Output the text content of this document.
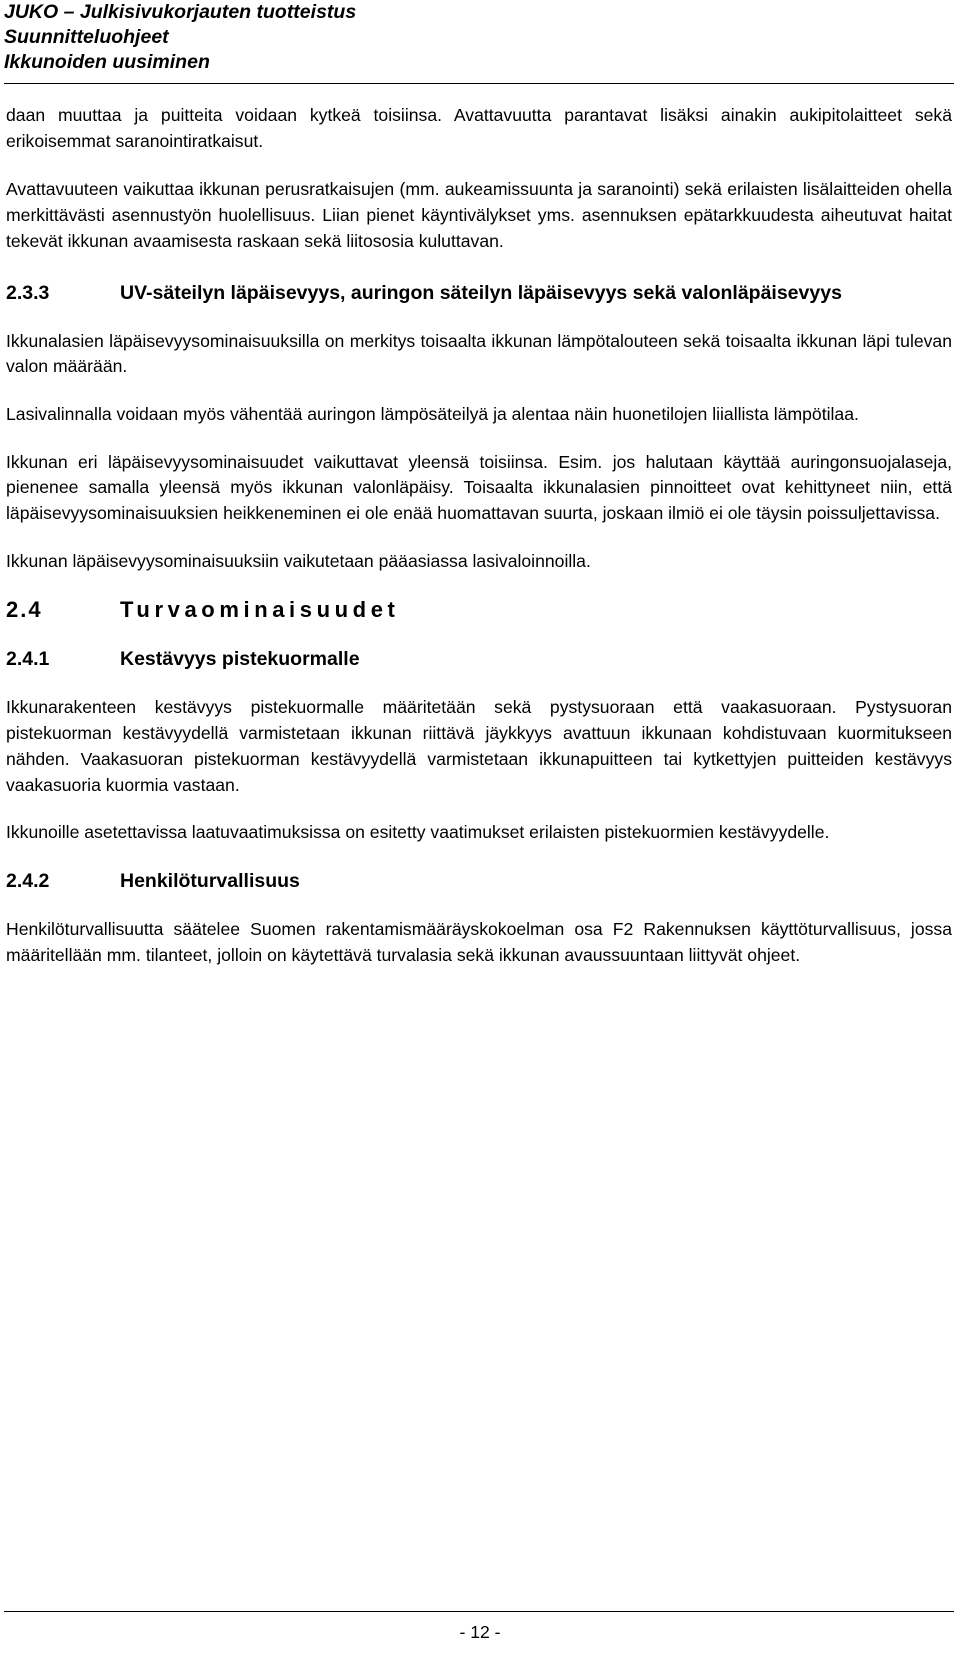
JUKO – Julkisivukorjauten tuotteistus
Suunnitteluohjeet
Ikkunoiden uusiminen

daan muuttaa ja puitteita voidaan kytkeä toisiinsa. Avattavuutta parantavat lisäksi ainakin aukipitolaitteet sekä erikoisemmat saranointiratkaisut.

Avattavuuteen vaikuttaa ikkunan perusratkaisujen (mm. aukeamissuunta ja saranointi) sekä erilaisten lisälaitteiden ohella merkittävästi asennustyön huolellisuus. Liian pienet käyntivälykset yms. asennuksen epätarkkuudesta aiheutuvat haitat tekevät ikkunan avaamisesta raskaan sekä liitososia kuluttavan.

2.3.3	UV-säteilyn läpäisevyys, auringon säteilyn läpäisevyys sekä valonläpäisevyys

Ikkunalasien läpäisevyysominaisuuksilla on merkitys toisaalta ikkunan lämpötalouteen sekä toisaalta ikkunan läpi tulevan valon määrään.

Lasivalinnalla voidaan myös vähentää auringon lämpösäteilyä ja alentaa näin huonetilojen liiallista lämpötilaa.

Ikkunan eri läpäisevyysominaisuudet vaikuttavat yleensä toisiinsa. Esim. jos halutaan käyttää auringonsuojalaseja, pienenee samalla yleensä myös ikkunan valonläpäisy. Toisaalta ikkunalasien pinnoitteet ovat kehittyneet niin, että läpäisevyysominaisuuksien heikkeneminen ei ole enää huomattavan suurta, joskaan ilmiö ei ole täysin poissuljettavissa.

Ikkunan läpäisevyysominaisuuksiin vaikutetaan pääasiassa lasivaloinnoilla.

2.4	Turvaominaisuudet
2.4.1	Kestävyys pistekuormalle

Ikkunarakenteen kestävyys pistekuormalle määritetään sekä pystysuoraan että vaakasuoraan. Pystysuoran pistekuorman kestävyydellä varmistetaan ikkunan riittävä jäykkyys avattuun ikkunaan kohdistuvaan kuormitukseen nähden. Vaakasuoran pistekuorman kestävyydellä varmistetaan ikkunapuitteen tai kytkettyjen puitteiden kestävyys vaakasuoria kuormia vastaan.

Ikkunoille asetettavissa laatuvaatimuksissa on esitetty vaatimukset erilaisten pistekuormien kestävyydelle.

2.4.2	Henkilöturvallisuus

Henkilöturvallisuutta säätelee Suomen rakentamismääräyskokoelman osa F2 Rakennuksen käyttöturvallisuus, jossa määritellään mm. tilanteet, jolloin on käytettävä turvalasia sekä ikkunan avaussuuntaan liittyvät ohjeet.

- 12 -
